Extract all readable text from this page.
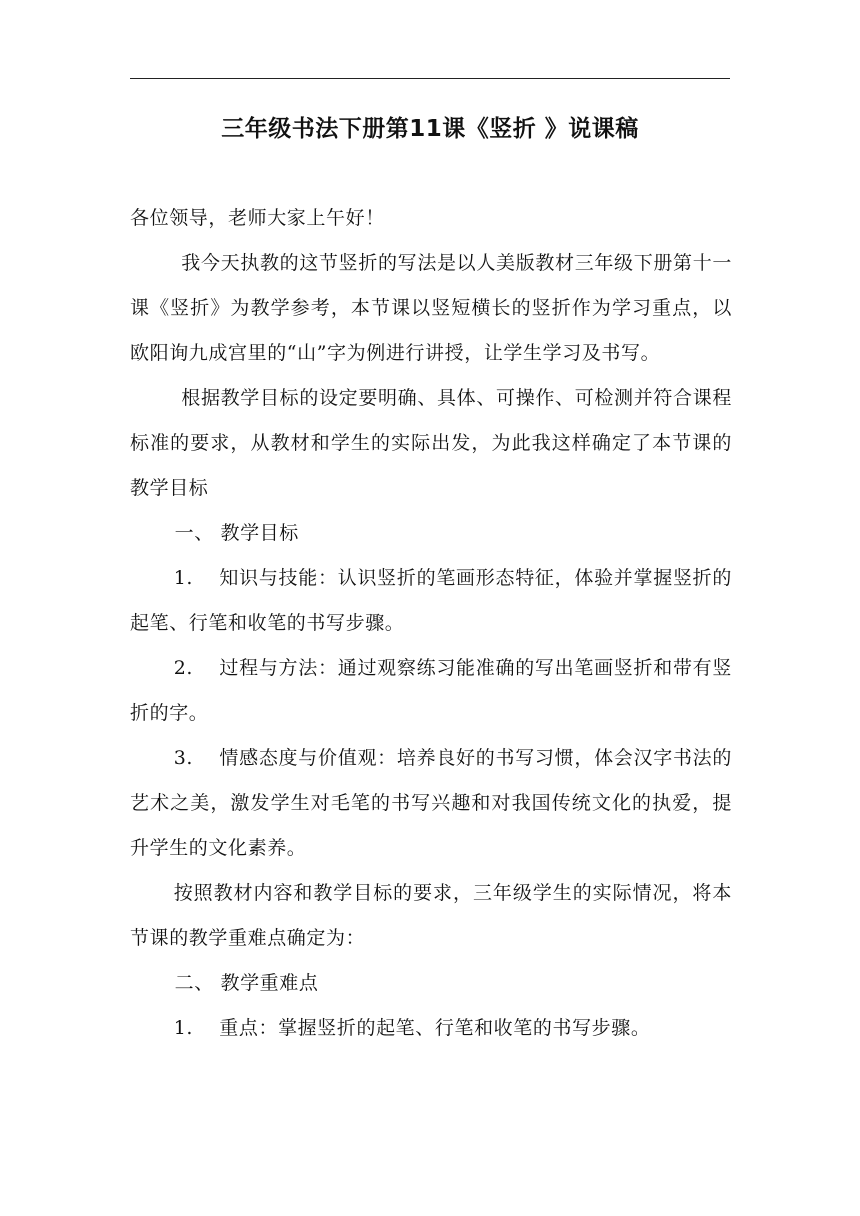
三年级书法下册第11课《竖折 》说课稿

各位领导，老师大家上午好！

我今天执教的这节竖折的写法是以人美版教材三年级下册第十一课《竖折》为教学参考，本节课以竖短横长的竖折作为学习重点，以欧阳询九成宫里的“山”字为例进行讲授，让学生学习及书写。

根据教学目标的设定要明确、具体、可操作、可检测并符合课程标准的要求，从教材和学生的实际出发，为此我这样确定了本节课的教学目标

一、 教学目标

1. 知识与技能：认识竖折的笔画形态特征，体验并掌握竖折的起笔、行笔和收笔的书写步骤。

2. 过程与方法：通过观察练习能准确的写出笔画竖折和带有竖折的字。

3. 情感态度与价值观：培养良好的书写习惯，体会汉字书法的艺术之美，激发学生对毛笔的书写兴趣和对我国传统文化的执爱，提升学生的文化素养。

按照教材内容和教学目标的要求，三年级学生的实际情况，将本节课的教学重难点确定为：

二、 教学重难点

1. 重点：掌握竖折的起笔、行笔和收笔的书写步骤。
